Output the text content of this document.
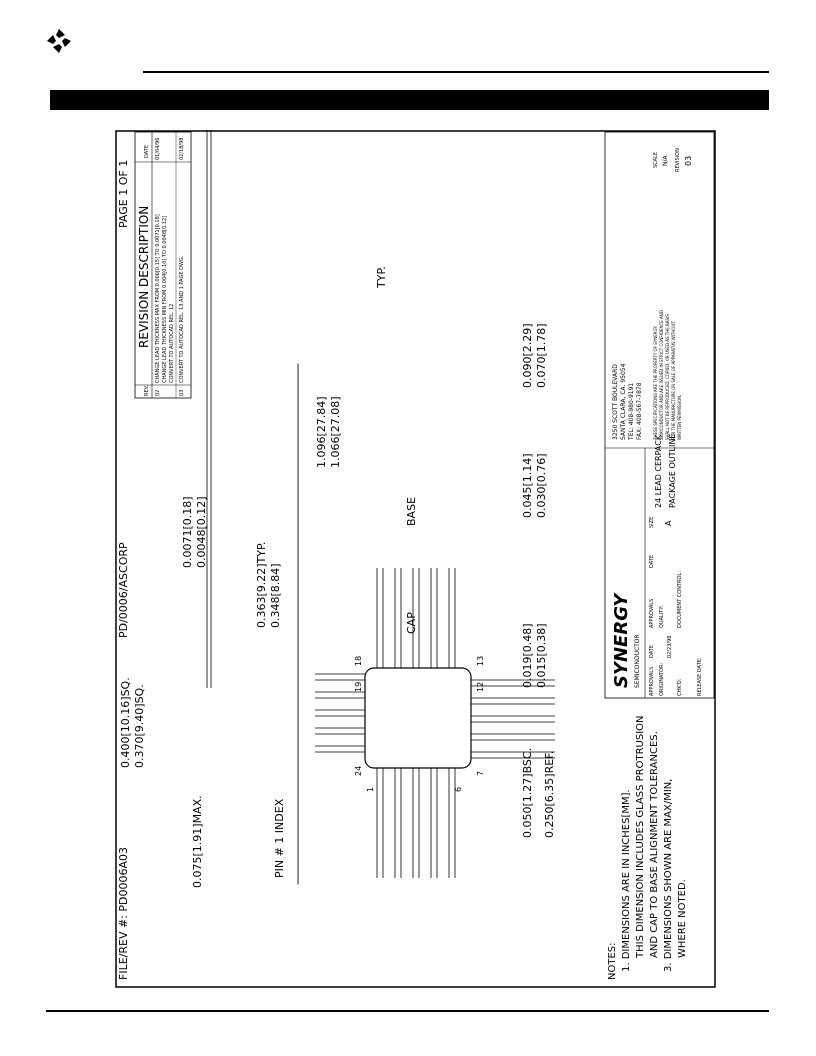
FILE/REV #: PD0006A03
PD/0006/ASCORP
PAGE 1 OF 1
REV.
REVISION DESCRIPTION
DATE
02
CHANGE LEAD THICKNESS MAX FROM 0.006[0.15] TO 0.0071[0.18]
01/04/96
CHANGE LEAD THICKNESS MIN FROM 0.004[0.10] TO 0.0048[0.12] CONVERT TO AUTOCAD REL. 12
03
CONVERT TO AUTOCAD REL. 13 AND 1 PAGE DWG.
02/18/98
24
19
18	13
12
7
6
1
0.400[10.16]SQ. 0.370[9.40]SQ.
0.075[1.91]MAX.
0.363[9.22]TYP. 0.348[8.84]
0.019[0.48] 0.015[0.38]
0.050[1.27]BSC. 0.250[6.35]REF.
PIN # 1 INDEX
0.0071[0.18] 0.0048[0.12]
1.096[27.84] 1.066[27.08]
TYP.
BASE
CAP
0.090[2.29] 0.070[1.78]
0.045[1.14] 0.030[0.76]
NOTES: 1. DIMENSIONS ARE IN INCHES[MM]. THIS DIMENSION INCLUDES GLASS PROTRUSION AND CAP TO BASE ALIGNMENT TOLERANCES. 3. DIMENSIONS SHOWN ARE MAX/MIN, WHERE NOTED.
SYNERGY SEMICONDUCTOR
3250 SCOTT BOULEVARD SANTA CLARA, CA. 95054 TEL: 408-980-9191 FAX: 408-567-7878
APPROVALS
DATE
APPROVALS
ORIGINATOR:
02/23/98
QUALITY:
CHK'D:
DOCUMENT CONTROL:
RELEASE DATE:
DATE
SIZE A
24 LEAD CERPACK PACKAGE OUTLINE
THESE SPECIFICATIONS ARE THE PROPERTY OF SYNERGY SEMICONDUCTOR AND ARE ISSUED IN STRICT CONFIDENCE AND SHALL NOT BE REPRODUCED, COPIED, OR USED AS THE BASIS FOR THE MANUFACTURE OR SALE OF APPARATUS WITHOUT WRITTEN PERMISSION.
SCALE N/A REVISION 03
